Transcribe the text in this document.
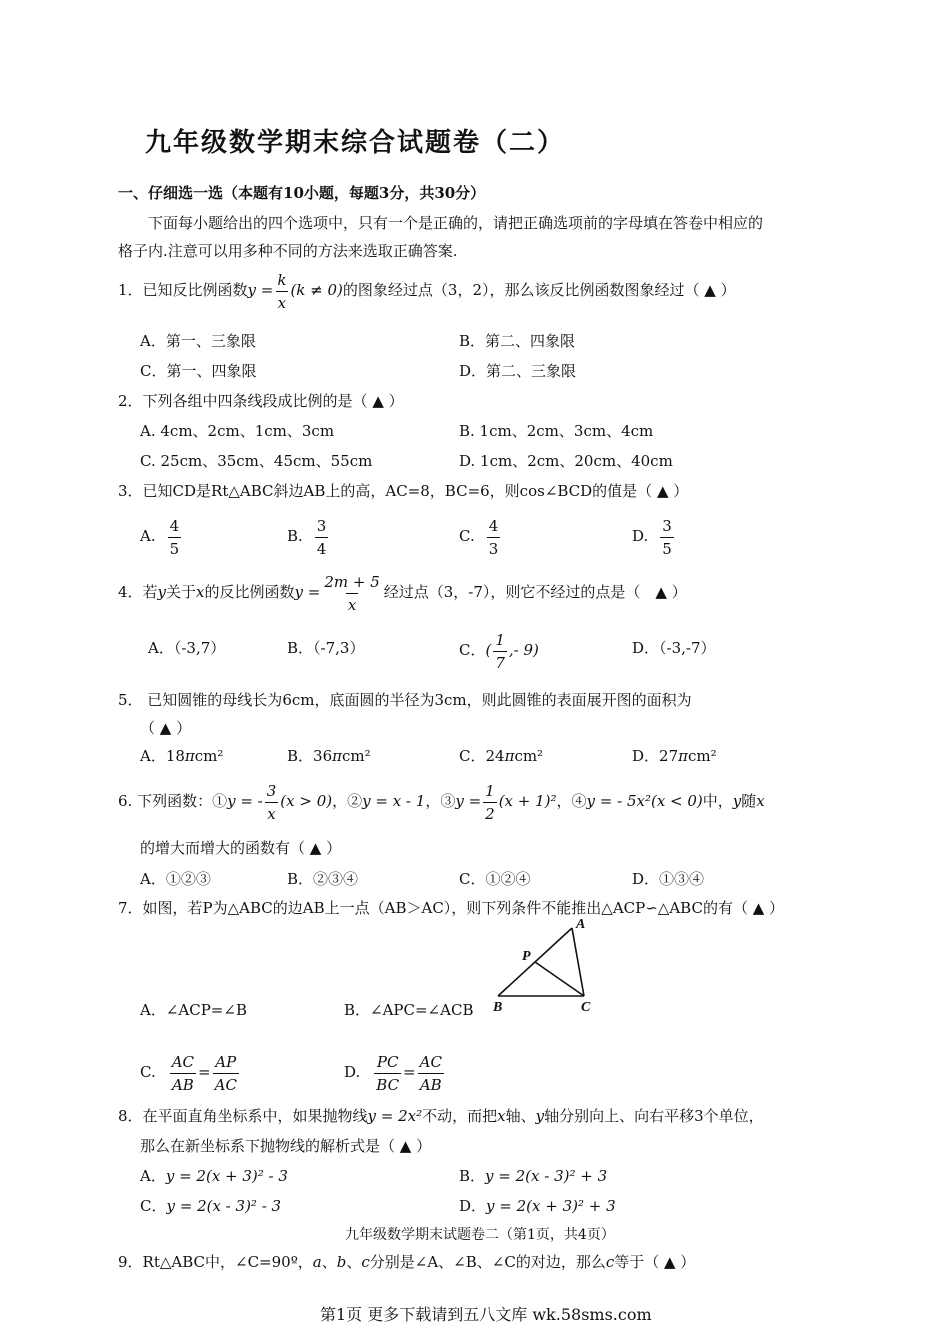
九年级数学期末综合试题卷（二）
一、仔细选一选（本题有10小题，每题3分，共30分）
下面每小题给出的四个选项中，只有一个是正确的，请把正确选项前的字母填在答卷中相应的
格子内.注意可以用多种不同的方法来选取正确答案.
1．已知反比例函数$y = \frac{k}{x} (k \ne 0)$的图象经过点（3，2），那么该反比例函数图象经过（ ▲ ）
A．第一、三象限	B．第二、四象限
C．第一、四象限	D．第二、三象限
2．下列各组中四条线段成比例的是（ ▲ ）
A. 4cm、2cm、1cm、3cm	B. 1cm、2cm、3cm、4cm
C. 25cm、35cm、45cm、55cm	D. 1cm、2cm、20cm、40cm
3．已知CD是Rt△ABC斜边AB上的高，AC=8，BC=6，则cos∠BCD的值是（ ▲ ）
A. $\frac{4}{5}$	B. $\frac{3}{4}$	C. $\frac{4}{3}$	D. $\frac{3}{5}$
4．若y关于x的反比例函数$y = \frac{2m + 5}{x}$ 经过点（3，-7），则它不经过的点是（　▲ ）
A．（-3,7）	B．（-7,3）	C．( $\frac{1}{7}$ ,- 9)	D．（-3,-7）
5． 已知圆锥的母线长为6cm，底面圆的半径为3cm，则此圆锥的表面展开图的面积为
（ ▲ ）
A．18πcm²	B．36πcm²	C．24πcm²	D．27πcm²
6. 下列函数：①y = - $\frac{3}{x} (x > 0)$，②y = x - 1，③y = $\frac{1}{2} (x + 1)^2$，④y = - 5x²(x < 0)中，y随x
的增大而增大的函数有（ ▲ ）
A．①②③	B．②③④	C．①②④	D．①③④
7．如图，若P为△ABC的边AB上一点（AB＞AC），则下列条件不能推出△ACP∽△ABC的有（ ▲ ）
A
P
B	C
A．∠ACP=∠B	B．∠APC=∠ACB
C. $\frac{AC}{AB} = \frac{AP}{AC}$	D. $\frac{PC}{BC} = \frac{AC}{AB}$
8．在平面直角坐标系中，如果抛物线y = 2x²不动，而把x轴、y轴分别向上、向右平移3个单位，
那么在新坐标系下抛物线的解析式是（ ▲ ）
A．y = 2(x + 3)² - 3	B．y = 2(x - 3)² + 3
C．y = 2(x - 3)² - 3	D．y = 2(x + 3)² + 3
九年级数学期末试题卷二（第1页，共4页）
9．Rt△ABC中，∠C=90º，a、b、c分别是∠A、∠B、∠C的对边，那么c等于（ ▲ ）
第1页 更多下载请到五八文库 wk.58sms.com
